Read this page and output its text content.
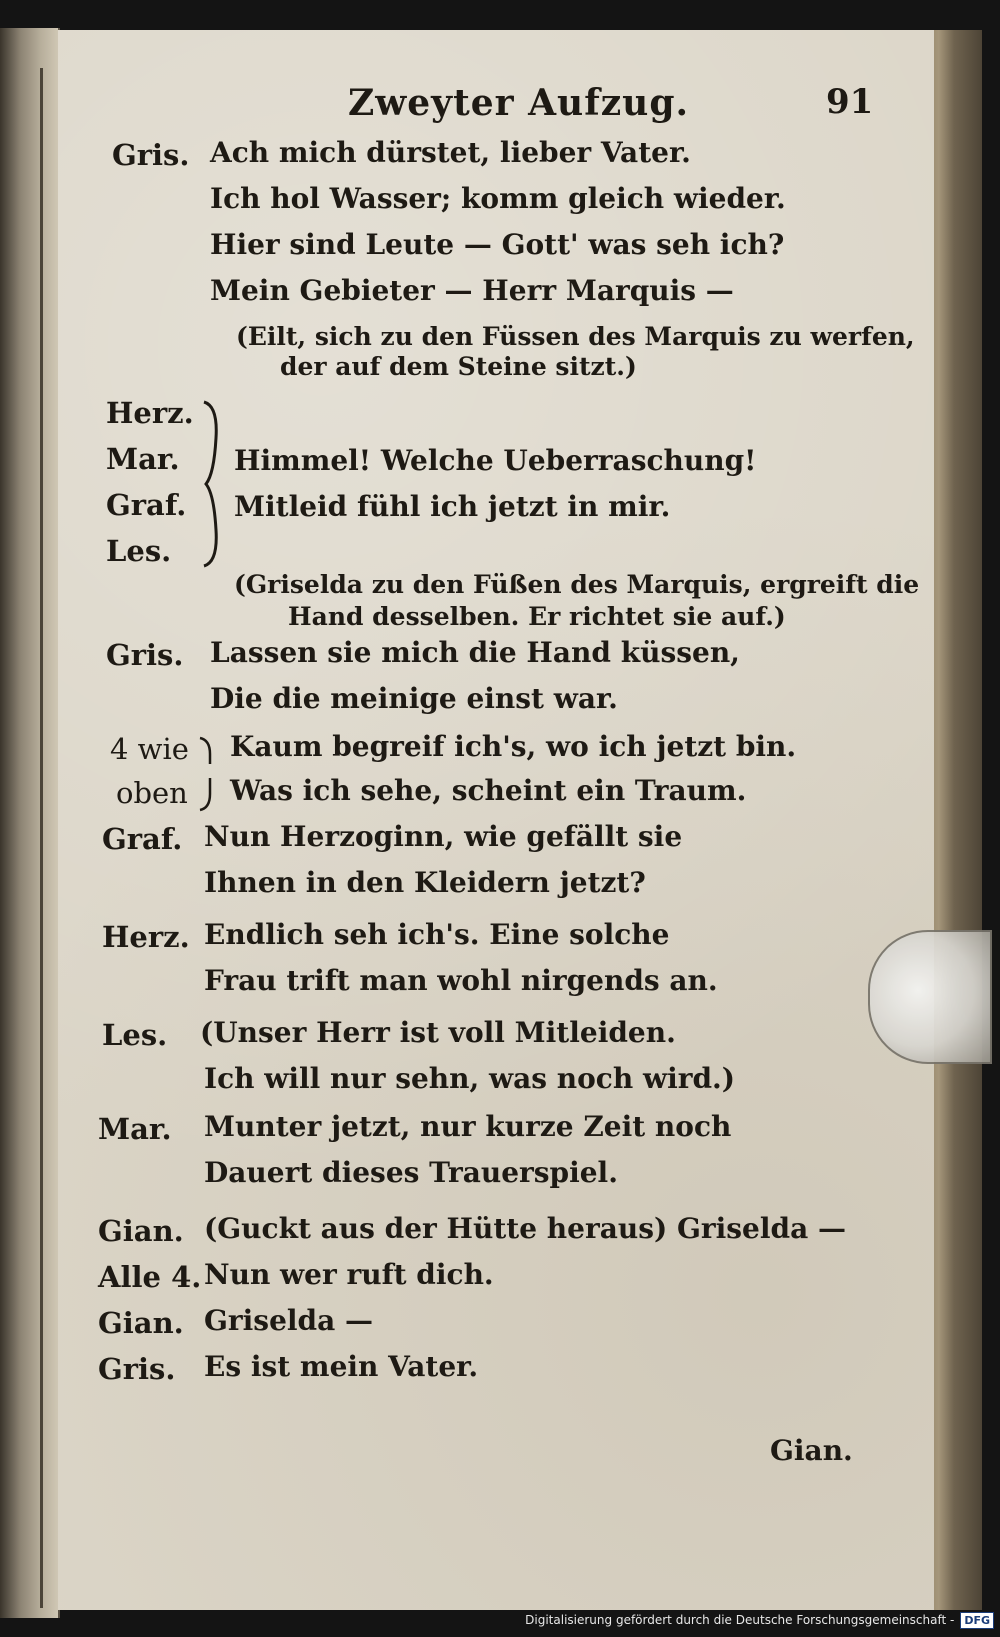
Zweyter Aufzug.	91
Gris. Ach mich dürstet, lieber Vater.
Ich hol Wasser; komm gleich wieder.
Hier sind Leute — Gott' was seh ich?
Mein Gebieter — Herr Marquis —
(Eilt, sich zu den Füssen des Marquis zu werfen,
der auf dem Steine sitzt.)
Herz.
Mar.
Graf.
Les.
Himmel! Welche Ueberraschung!
Mitleid fühl ich jetzt in mir.
(Griselda zu den Füßen des Marquis, ergreift die
Hand desselben. Er richtet sie auf.)
Gris. Lassen sie mich die Hand küssen,
Die die meinige einst war.
4 wie
oben
Kaum begreif ich's, wo ich jetzt bin.
Was ich sehe, scheint ein Traum.
Graf. Nun Herzoginn, wie gefällt sie
Ihnen in den Kleidern jetzt?
Herz. Endlich seh ich's. Eine solche
Frau trift man wohl nirgends an.
Les. (Unser Herr ist voll Mitleiden.
Ich will nur sehn, was noch wird.)
Mar. Munter jetzt, nur kurze Zeit noch
Dauert dieses Trauerspiel.
Gian. (Guckt aus der Hütte heraus) Griselda —
Alle 4. Nun wer ruft dich.
Gian. Griselda —
Gris. Es ist mein Vater.
Gian.
Digitalisierung gefördert durch die Deutsche Forschungsgemeinschaft - DFG
